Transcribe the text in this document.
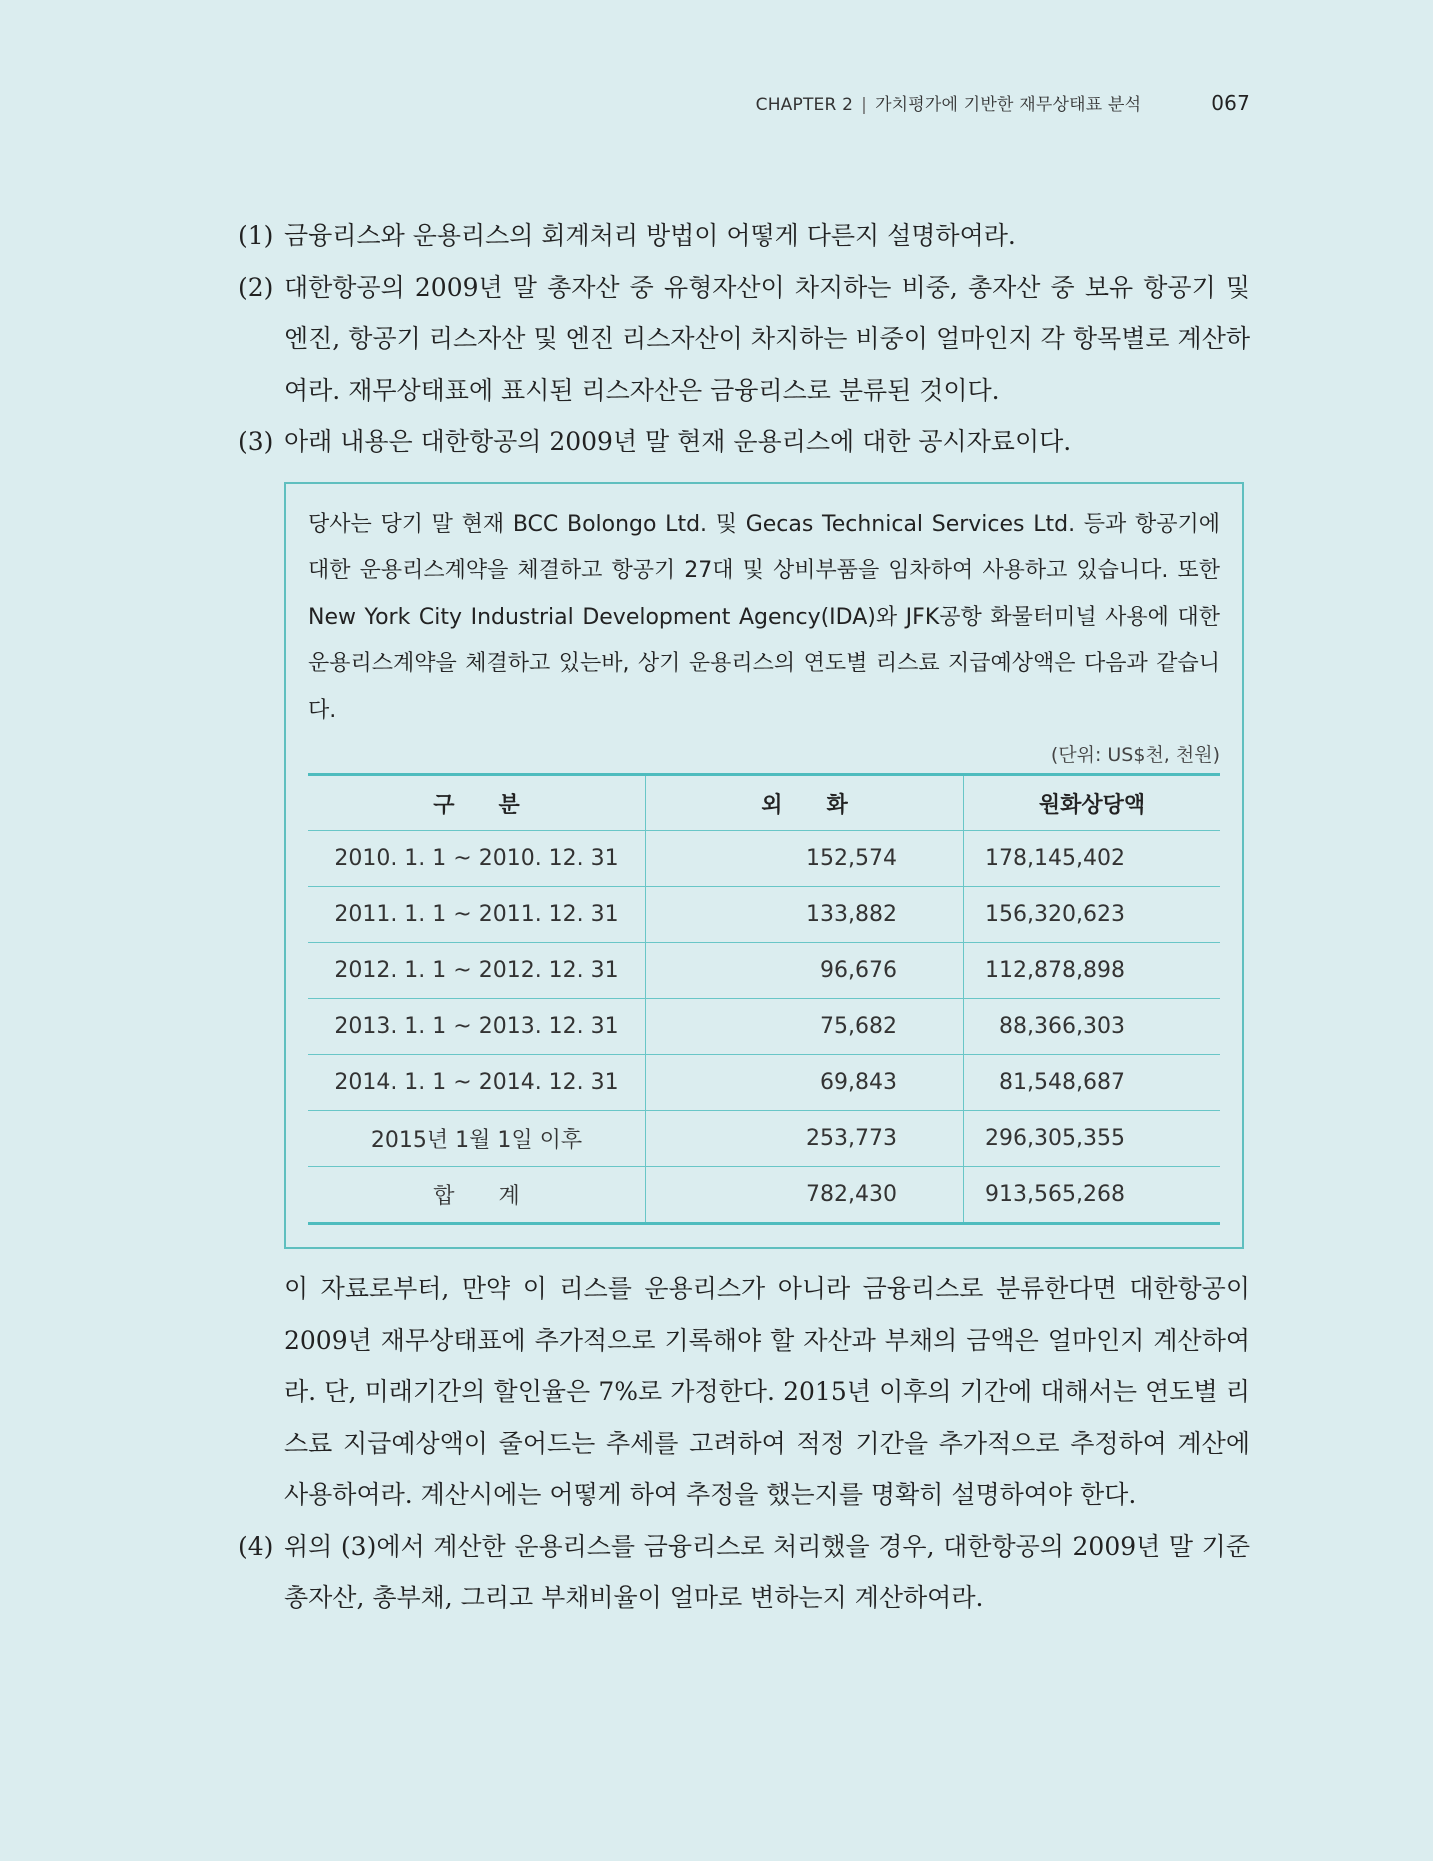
CHAPTER 2 | 가치평가에 기반한 재무상태표 분석	067
(1) 금융리스와 운용리스의 회계처리 방법이 어떻게 다른지 설명하여라.
(2) 대한항공의 2009년 말 총자산 중 유형자산이 차지하는 비중, 총자산 중 보유 항공기 및 엔진, 항공기 리스자산 및 엔진 리스자산이 차지하는 비중이 얼마인지 각 항목별로 계산하여라. 재무상태표에 표시된 리스자산은 금융리스로 분류된 것이다.
(3) 아래 내용은 대한항공의 2009년 말 현재 운용리스에 대한 공시자료이다.
당사는 당기 말 현재 BCC Bolongo Ltd. 및 Gecas Technical Services Ltd. 등과 항공기에 대한 운용리스계약을 체결하고 항공기 27대 및 상비부품을 임차하여 사용하고 있습니다. 또한 New York City Industrial Development Agency(IDA)와 JFK공항 화물터미널 사용에 대한 운용리스계약을 체결하고 있는바, 상기 운용리스의 연도별 리스료 지급예상액은 다음과 같습니다.
(단위: US$천, 천원)
구　　분	외　　화	원화상당액
2010. 1. 1 ~ 2010. 12. 31	152,574	178,145,402
2011. 1. 1 ~ 2011. 12. 31	133,882	156,320,623
2012. 1. 1 ~ 2012. 12. 31	96,676	112,878,898
2013. 1. 1 ~ 2013. 12. 31	75,682	88,366,303
2014. 1. 1 ~ 2014. 12. 31	69,843	81,548,687
2015년 1월 1일 이후	253,773	296,305,355
합　　계	782,430	913,565,268
이 자료로부터, 만약 이 리스를 운용리스가 아니라 금융리스로 분류한다면 대한항공이 2009년 재무상태표에 추가적으로 기록해야 할 자산과 부채의 금액은 얼마인지 계산하여라. 단, 미래기간의 할인율은 7%로 가정한다. 2015년 이후의 기간에 대해서는 연도별 리스료 지급예상액이 줄어드는 추세를 고려하여 적정 기간을 추가적으로 추정하여 계산에 사용하여라. 계산시에는 어떻게 하여 추정을 했는지를 명확히 설명하여야 한다.
(4) 위의 (3)에서 계산한 운용리스를 금융리스로 처리했을 경우, 대한항공의 2009년 말 기준 총자산, 총부채, 그리고 부채비율이 얼마로 변하는지 계산하여라.
